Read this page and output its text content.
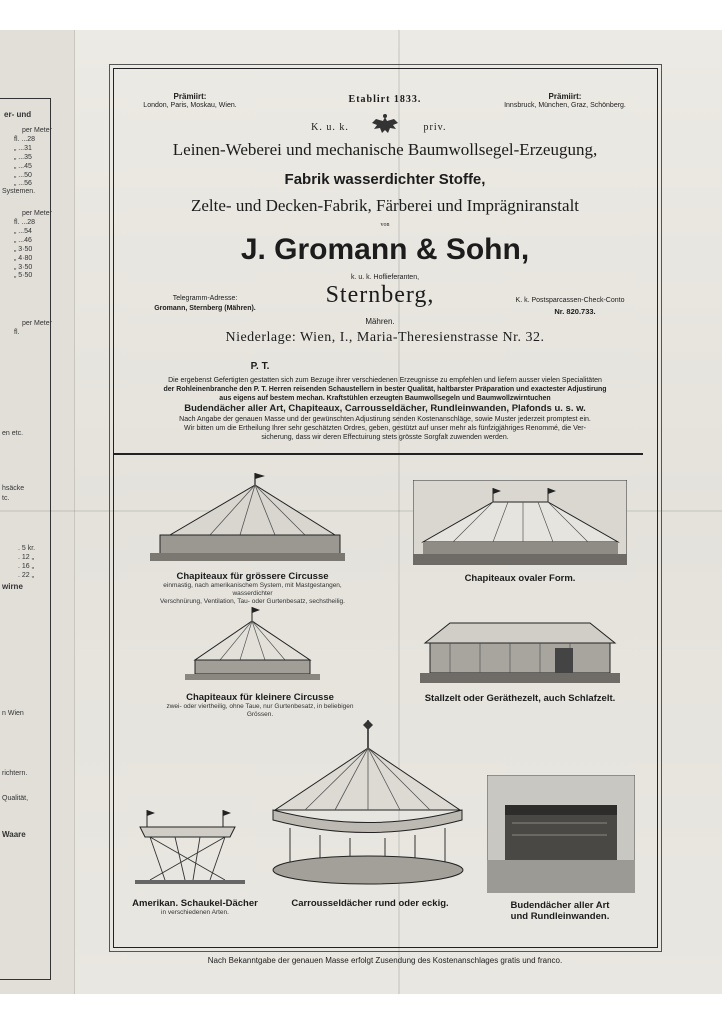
er- und
per Meter
fl. ...28
„ ...31
„ ...35
„ ...45
„ ...50
„ ...56
Systemen.
per Meter
fl. ...28
„ ...54
„ ...46
„ 3·50
„ 4·80
„ 3·50
„ 5·50
per Meter
fl.
en etc.
hsäcke
tc.
. 5 kr.
. 12 „
. 16 „
. 22 „
wirne
n Wien
richtern.
Qualität,
Waare
Prämiirt:
London, Paris, Moskau, Wien.
Etablirt 1833.	Prämiirt:
Innsbruck, München, Graz, Schönberg.
K. u. k.	priv.
Leinen-Weberei und mechanische Baumwollsegel-Erzeugung,
Fabrik wasserdichter Stoffe,
Zelte- und Decken-Fabrik, Färberei und Imprägniranstalt
von
J. Gromann & Sohn,
k. u. k. Hoflieferanten,
Telegramm-Adresse:
Gromann, Sternberg (Mähren).
Sternberg,
Mähren.
K. k. Postsparcassen-Check-Conto
Nr. 820.733.
Niederlage: Wien, I., Maria-Theresienstrasse Nr. 32.
P. T.
Die ergebenst Gefertigten gestatten sich zum Bezuge ihrer verschiedenen Erzeugnisse zu empfehlen und liefern ausser vielen Specialitäten
der Rohleinenbranche den P. T. Herren reisenden Schaustellern in bester Qualität, haltbarster Präparation und exactester Adjustirung
aus eigens auf bestem mechan. Kraftstühlen erzeugten Baumwollsegeln und Baumwollzwirntuchen
Budendächer aller Art, Chapiteaux, Carrousseldächer, Rundleinwanden, Plafonds u. s. w.
Nach Angabe der genauen Masse und der gewünschten Adjustirung senden Kostenanschläge, sowie Muster jederzeit promptest ein.
Wir bitten um die Ertheilung Ihrer sehr geschätzten Ordres, geben, gestützt auf unser mehr als fünfzigjähriges Renommé, die Ver-
sicherung, dass wir deren Effectuirung stets grösste Sorgfalt zuwenden werden.
Chapiteaux für grössere Circusse
einmastig, nach amerikanischem System, mit Mastgestangen, wasserdichter
Verschnürung, Ventilation, Tau- oder Gurtenbesatz, sechstheilig.
Chapiteaux ovaler Form.
Chapiteaux für kleinere Circusse
zwei- oder viertheilig, ohne Taue, nur Gurtenbesatz, in beliebigen Grössen.
Stallzelt oder Geräthezelt, auch Schlafzelt.
Amerikan. Schaukel-Dächer
in verschiedenen Arten.
Carrousseldächer rund oder eckig.	Budendächer aller Art
und Rundleinwanden.
Nach Bekanntgabe der genauen Masse erfolgt Zusendung des Kostenanschlages gratis und franco.
